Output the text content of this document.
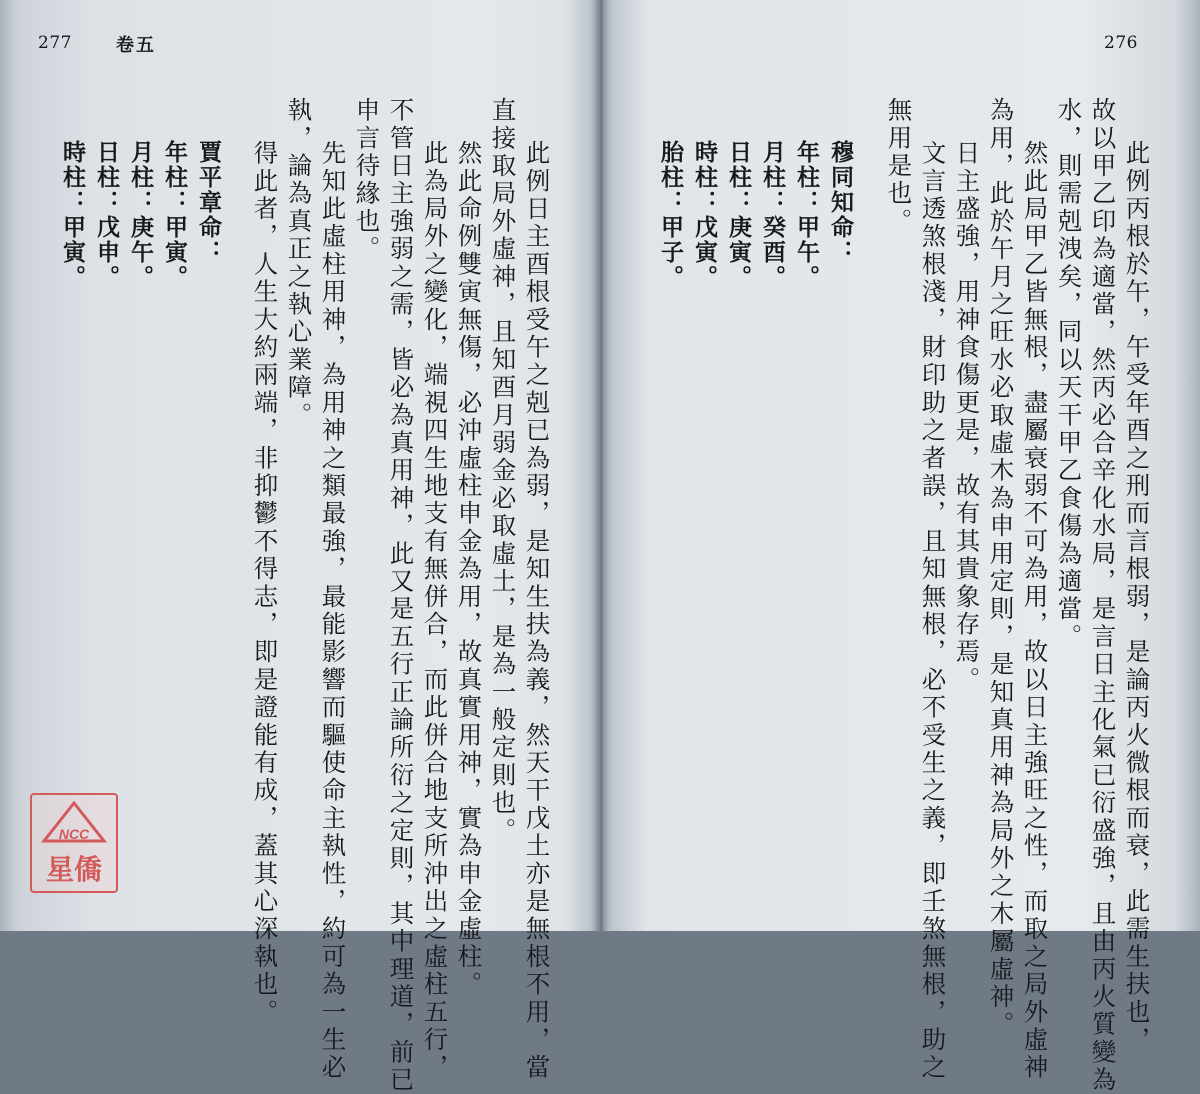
277 卷五
此例日主酉根受午之剋已為弱，是知生扶為義，然天干戊土亦是無根不用，當
直接取局外虛神，且知酉月弱金必取虛土，是為一般定則也。
然此命例雙寅無傷，必沖虛柱申金為用，故真實用神，實為申金虛柱。
此為局外之變化，端視四生地支有無併合，而此併合地支所沖出之虛柱五行，
不管日主強弱之需，皆必為真用神，此又是五行正論所衍之定則，其中理道，前已
申言待緣也。
先知此虛柱用神，為用神之類最強，最能影響而驅使命主執性，約可為一生必
執，論為真正之執心業障。
得此者，人生大約兩端，非抑鬱不得志，即是證能有成，蓋其心深執也。
賈平章命：
年柱：甲寅。
月柱：庚午。
日柱：戊申。
時柱：甲寅。
NCC
星僑
276
此例丙根於午，午受年酉之刑而言根弱，是論丙火微根而衰，此需生扶也，
故以甲乙印為適當，然丙必合辛化水局，是言日主化氣已衍盛強，且由丙火質變為
水，則需剋洩矣，同以天干甲乙食傷為適當。
然此局甲乙皆無根，盡屬衰弱不可為用，故以日主強旺之性，而取之局外虛神
為用，此於午月之旺水必取虛木為申用定則，是知真用神為局外之木屬虛神。
日主盛強，用神食傷更是，故有其貴象存焉。
文言透煞根淺，財印助之者誤，且知無根，必不受生之義，即壬煞無根，助之
無用是也。
穆同知命：
年柱：甲午。
月柱：癸酉。
日柱：庚寅。
時柱：戊寅。
胎柱：甲子。
